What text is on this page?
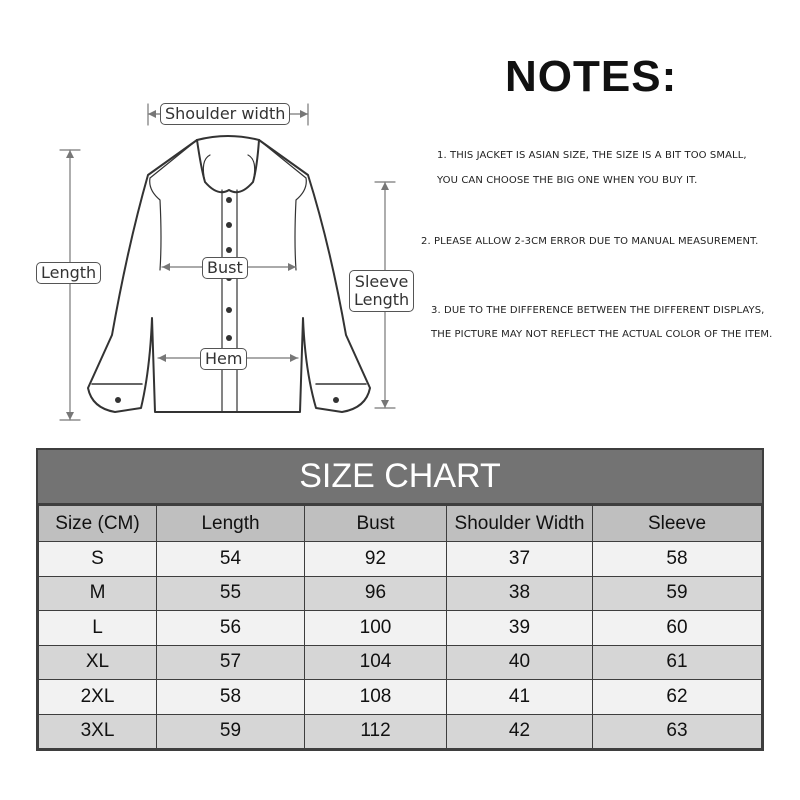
Shoulder width
Length	Bust
Hem
Sleeve
Length
NOTES:
1. THIS JACKET IS ASIAN SIZE, THE SIZE IS A BIT TOO SMALL,
YOU CAN CHOOSE THE BIG ONE WHEN YOU BUY IT.
2. PLEASE ALLOW 2-3CM ERROR DUE TO MANUAL MEASUREMENT.
3. DUE TO THE DIFFERENCE BETWEEN THE DIFFERENT DISPLAYS,
THE PICTURE MAY NOT REFLECT THE ACTUAL COLOR OF THE ITEM.
SIZE CHART
Size (CM)	Length	Bust	Shoulder Width	Sleeve
S	54	92	37	58
M	55	96	38	59
L	56	100	39	60
XL	57	104	40	61
2XL	58	108	41	62
3XL	59	112	42	63
